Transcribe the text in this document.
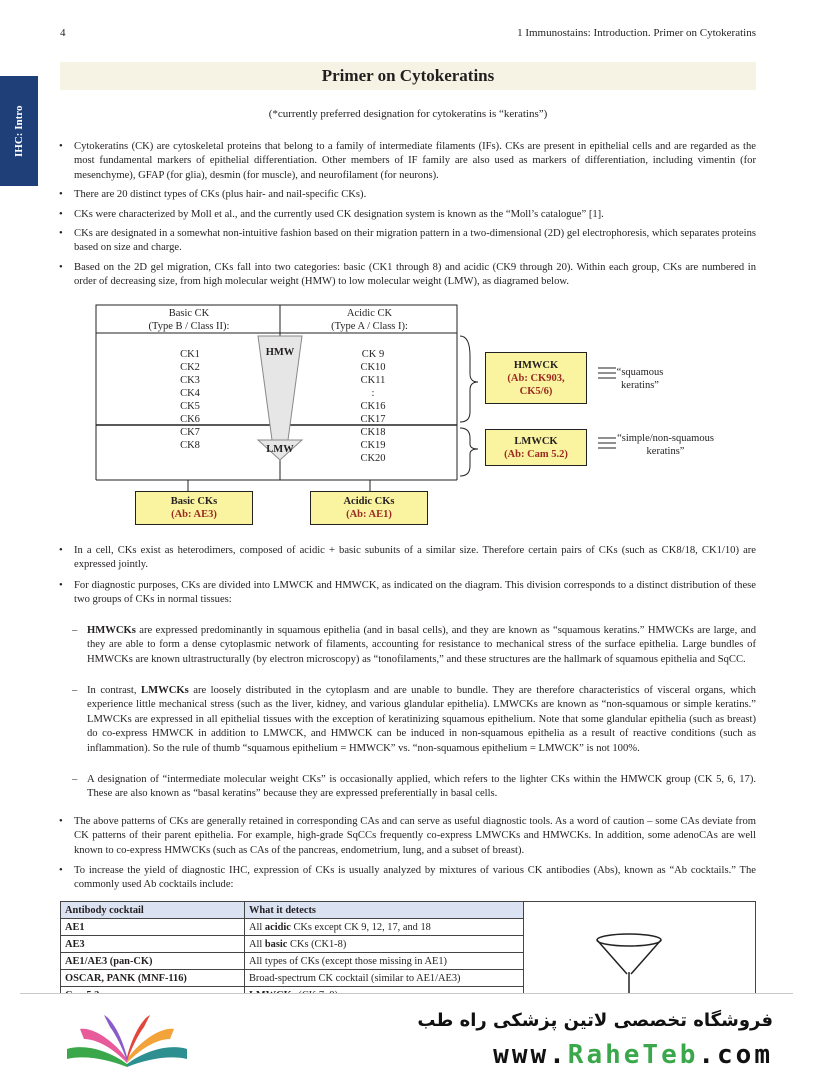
4	1 Immunostains: Introduction. Primer on Cytokeratins
IHC: Intro
Primer on Cytokeratins
(*currently preferred designation for cytokeratins is “keratins”)
•	Cytokeratins (CK) are cytoskeletal proteins that belong to a family of intermediate filaments (IFs). CKs are present in epithelial cells and are regarded as the most fundamental markers of epithelial differentiation. Other members of IF family are also used as markers of differentiation, including vimentin (for mesenchyme), GFAP (for glia), desmin (for muscle), and neurofilament (for neurons).
•	There are 20 distinct types of CKs (plus hair- and nail-specific CKs).
•	CKs were characterized by Moll et al., and the currently used CK designation system is known as the “Moll’s catalogue” [1].
•	CKs are designated in a somewhat non-intuitive fashion based on their migration pattern in a two-dimensional (2D) gel electrophoresis, which separates proteins based on size and charge.
•	Based on the 2D gel migration, CKs fall into two categories: basic (CK1 through 8) and acidic (CK9 through 20). Within each group, CKs are numbered in order of decreasing size, from high molecular weight (HMW) to low molecular weight (LMW), as diagramed below.
Basic CK
(Type B / Class II):
Acidic CK
(Type A / Class I):
HMW
LMW
CK1
CK2
CK3
CK4
CK5
CK6
CK7
CK8
CK 9
CK10
CK11
:
CK16
CK17
CK18
CK19
CK20
HMWCK
(Ab: CK903,
CK5/6)
LMWCK
(Ab: Cam 5.2)
“squamous
keratins”
“simple/non-squamous
keratins”
Basic CKs
(Ab: AE3)
Acidic CKs
(Ab: AE1)
•	In a cell, CKs exist as heterodimers, composed of acidic + basic subunits of a similar size. Therefore certain pairs of CKs (such as CK8/18, CK1/10) are expressed jointly.
•	For diagnostic purposes, CKs are divided into LMWCK and HMWCK, as indicated on the diagram. This division corresponds to a distinct distribution of these two groups of CKs in normal tissues:
– HMWCKs are expressed predominantly in squamous epithelia (and in basal cells), and they are known as “squamous keratins.” HMWCKs are large, and they are able to form a dense cytoplasmic network of filaments, accounting for resistance to mechanical stress of the surface epithelia. Large bundles of HMWCKs are known ultrastructurally (by electron microscopy) as “tonofilaments,” and these structures are the hallmark of squamous epithelia and SqCC.
– In contrast, LMWCKs are loosely distributed in the cytoplasm and are unable to bundle. They are therefore characteristics of visceral organs, which experience little mechanical stress (such as the liver, kidney, and various glandular epithelia). LMWCKs are known as “non-squamous or simple keratins.” LMWCKs are expressed in all epithelial tissues with the exception of keratinizing squamous epithelium. Note that some glandular epithelia (such as breast) do co-express HMWCK in addition to LMWCK, and HMWCK can be induced in non-squamous epithelia as a result of reactive conditions (such as inflammation). So the rule of thumb “squamous epithelium = HMWCK” vs. “non-squamous epithelium = LMWCK” is not 100%.
– A designation of “intermediate molecular weight CKs” is occasionally applied, which refers to the lighter CKs within the HMWCK group (CK 5, 6, 17). These are also known as “basal keratins” because they are expressed preferentially in basal cells.
•	The above patterns of CKs are generally retained in corresponding CAs and can serve as useful diagnostic tools. As a word of caution – some CAs deviate from CK patterns of their parent epithelia. For example, high-grade SqCCs frequently co-express LMWCKs and HMWCKs. In addition, some adenoCAs are well known to co-express HMWCKs (such as CAs of the pancreas, endometrium, lung, and a subset of breast).
•	To increase the yield of diagnostic IHC, expression of CKs is usually analyzed by mixtures of various CK antibodies (Abs), known as “Ab cocktails.” The commonly used Ab cocktails include:
Antibody cocktail	What it detects
AE1	All acidic CKs except CK 9, 12, 17, and 18
AE3	All basic CKs (CK1-8)
AE1/AE3 (pan-CK)	All types of CKs (except those missing in AE1)
OSCAR, PANK (MNF-116)	Broad-spectrum CK cocktail (similar to AE1/AE3)

فروشگاه تخصصی لاتین پزشکی راه طب
www.RaheTeb.com
